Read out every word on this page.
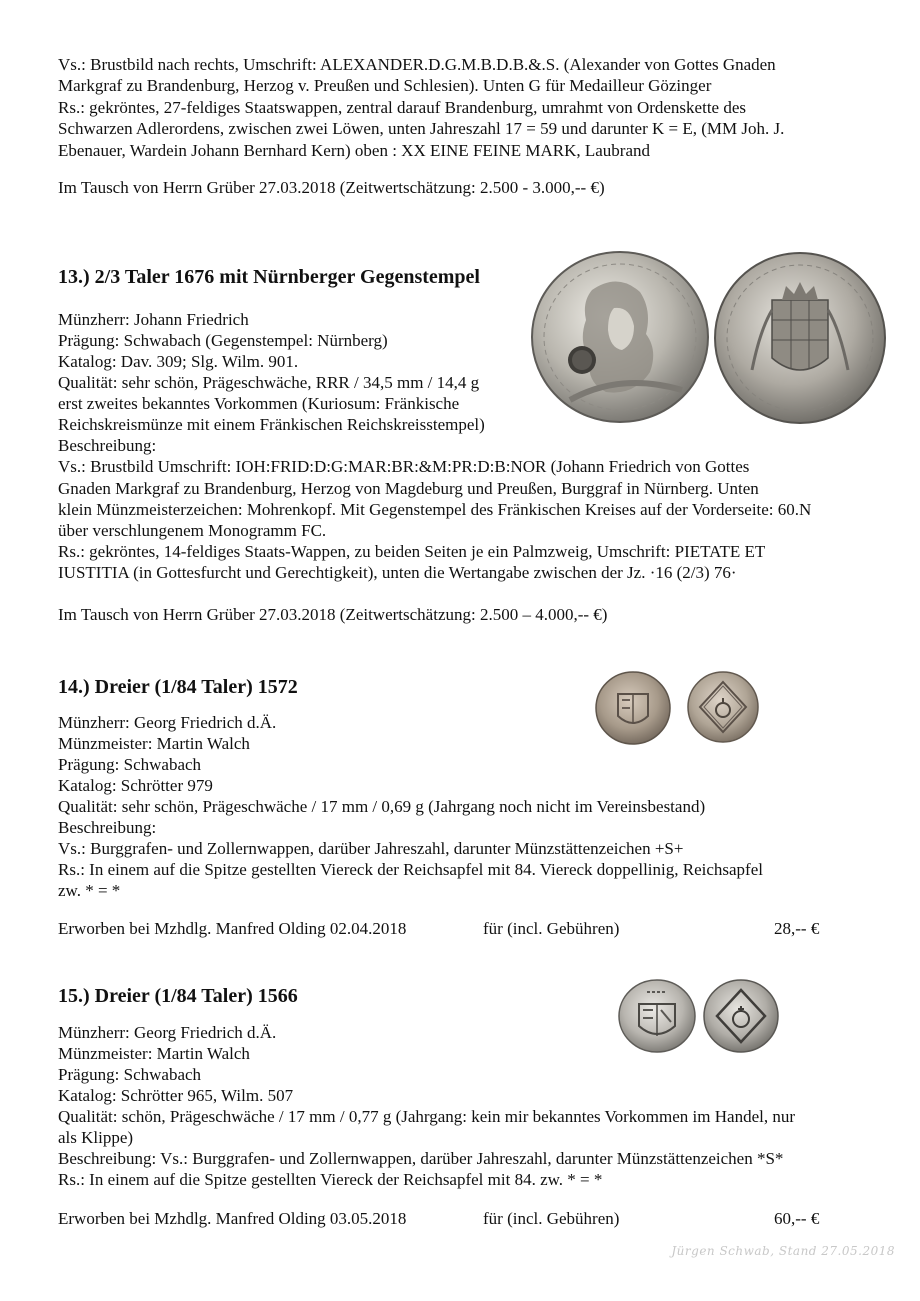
Vs.: Brustbild nach rechts, Umschrift: ALEXANDER.D.G.M.B.D.B.&.S. (Alexander von Gottes Gnaden
Markgraf zu Brandenburg, Herzog v. Preußen und Schlesien). Unten G für Medailleur Gözinger
Rs.: gekröntes, 27-feldiges Staatswappen, zentral darauf Brandenburg, umrahmt von Ordenskette des
Schwarzen Adlerordens, zwischen zwei Löwen, unten Jahreszahl 17 = 59 und darunter K = E, (MM Joh. J.
Ebenauer, Wardein Johann Bernhard Kern) oben : XX EINE FEINE MARK, Laubrand
Im Tausch von Herrn Grüber 27.03.2018 (Zeitwertschätzung: 2.500 - 3.000,-- €)
13.) 2/3 Taler 1676 mit Nürnberger Gegenstempel
Münzherr: Johann Friedrich
Prägung: Schwabach (Gegenstempel: Nürnberg)
Katalog: Dav. 309; Slg. Wilm. 901.
Qualität: sehr schön, Prägeschwäche, RRR / 34,5 mm / 14,4 g
erst zweites bekanntes Vorkommen (Kuriosum: Fränkische
Reichskreismünze mit einem Fränkischen Reichskreisstempel)
Beschreibung:
Vs.: Brustbild Umschrift: IOH:FRID:D:G:MAR:BR:&M:PR:D:B:NOR (Johann Friedrich von Gottes
Gnaden Markgraf zu Brandenburg, Herzog von Magdeburg und Preußen, Burggraf in Nürnberg. Unten
klein Münzmeisterzeichen: Mohrenkopf. Mit Gegenstempel des Fränkischen Kreises auf der Vorderseite: 60.N
über verschlungenem Monogramm FC.
Rs.: gekröntes, 14-feldiges Staats-Wappen, zu beiden Seiten je ein Palmzweig, Umschrift: PIETATE ET
IUSTITIA (in Gottesfurcht und Gerechtigkeit), unten die Wertangabe zwischen der Jz. ·16 (2/3) 76·
Im Tausch von Herrn Grüber 27.03.2018 (Zeitwertschätzung: 2.500 – 4.000,-- €)
14.) Dreier (1/84 Taler) 1572
Münzherr: Georg Friedrich d.Ä.
Münzmeister: Martin Walch
Prägung: Schwabach
Katalog: Schrötter 979
Qualität: sehr schön, Prägeschwäche / 17 mm / 0,69 g (Jahrgang noch nicht im Vereinsbestand)
Beschreibung:
Vs.: Burggrafen- und Zollernwappen, darüber Jahreszahl, darunter Münzstättenzeichen +S+
Rs.: In einem auf die Spitze gestellten Viereck der Reichsapfel mit 84. Viereck doppellinig, Reichsapfel
zw. * = *
Erworben bei Mzhdlg. Manfred Olding 02.04.2018	für (incl. Gebühren)	28,-- €
15.) Dreier (1/84 Taler) 1566
Münzherr: Georg Friedrich d.Ä.
Münzmeister: Martin Walch
Prägung: Schwabach
Katalog: Schrötter 965, Wilm. 507
Qualität: schön, Prägeschwäche / 17 mm / 0,77 g (Jahrgang: kein mir bekanntes Vorkommen im Handel, nur
als Klippe)
Beschreibung: Vs.: Burggrafen- und Zollernwappen, darüber Jahreszahl, darunter Münzstättenzeichen *S*
Rs.: In einem auf die Spitze gestellten Viereck der Reichsapfel mit 84. zw. * = *
Erworben bei Mzhdlg. Manfred Olding 03.05.2018	für (incl. Gebühren)	60,-- €
Jürgen Schwab, Stand 27.05.2018
